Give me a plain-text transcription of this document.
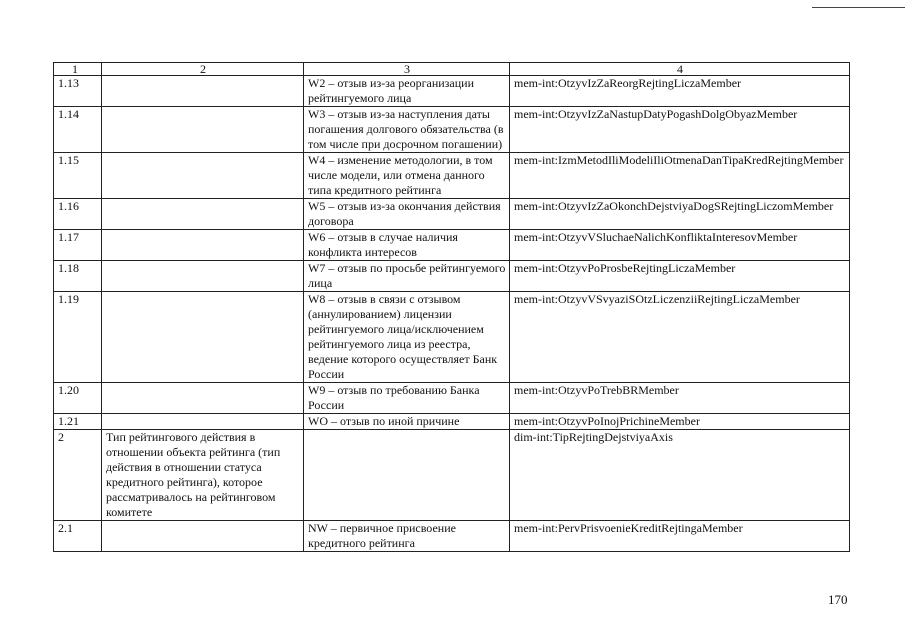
1	2	3	4
1.13		W2 – отзыв из-за реорганизации рейтингуемого лица	mem-int:OtzyvIzZaReorgRejtingLiczaMember
1.14		W3 – отзыв из-за наступления даты погашения долгового обязательства (в том числе при досрочном погашении)	mem-int:OtzyvIzZaNastupDatyPogashDolgObyazMember
1.15		W4 – изменение методологии, в том числе модели, или отмена данного типа кредитного рейтинга	mem-int:IzmMetodIliModeliIliOtmenaDanTipaKredRejtingMember
1.16		W5 – отзыв из-за окончания действия договора	mem-int:OtzyvIzZaOkonchDejstviyaDogSRejtingLiczomMember
1.17		W6 – отзыв в случае наличия конфликта интересов	mem-int:OtzyvVSluchaeNalichKonfliktaInteresovMember
1.18		W7 – отзыв по просьбе рейтингуемого лица	mem-int:OtzyvPoProsbeRejtingLiczaMember
1.19		W8 – отзыв в связи с отзывом (аннулированием) лицензии рейтингуемого лица/исключением рейтингуемого лица из реестра, ведение которого осуществляет Банк России	mem-int:OtzyvVSvyaziSOtzLiczenziiRejtingLiczaMember
1.20		W9 – отзыв по требованию Банка России	mem-int:OtzyvPoTrebBRMember
1.21		WO – отзыв по иной причине	mem-int:OtzyvPoInojPrichineMember
2	Тип рейтингового действия в отношении объекта рейтинга (тип действия в отношении статуса кредитного рейтинга), которое рассматривалось на рейтинговом комитете		dim-int:TipRejtingDejstviyaAxis
2.1		NW – первичное присвоение кредитного рейтинга	mem-int:PervPrisvoenieKreditRejtingaMember
170
